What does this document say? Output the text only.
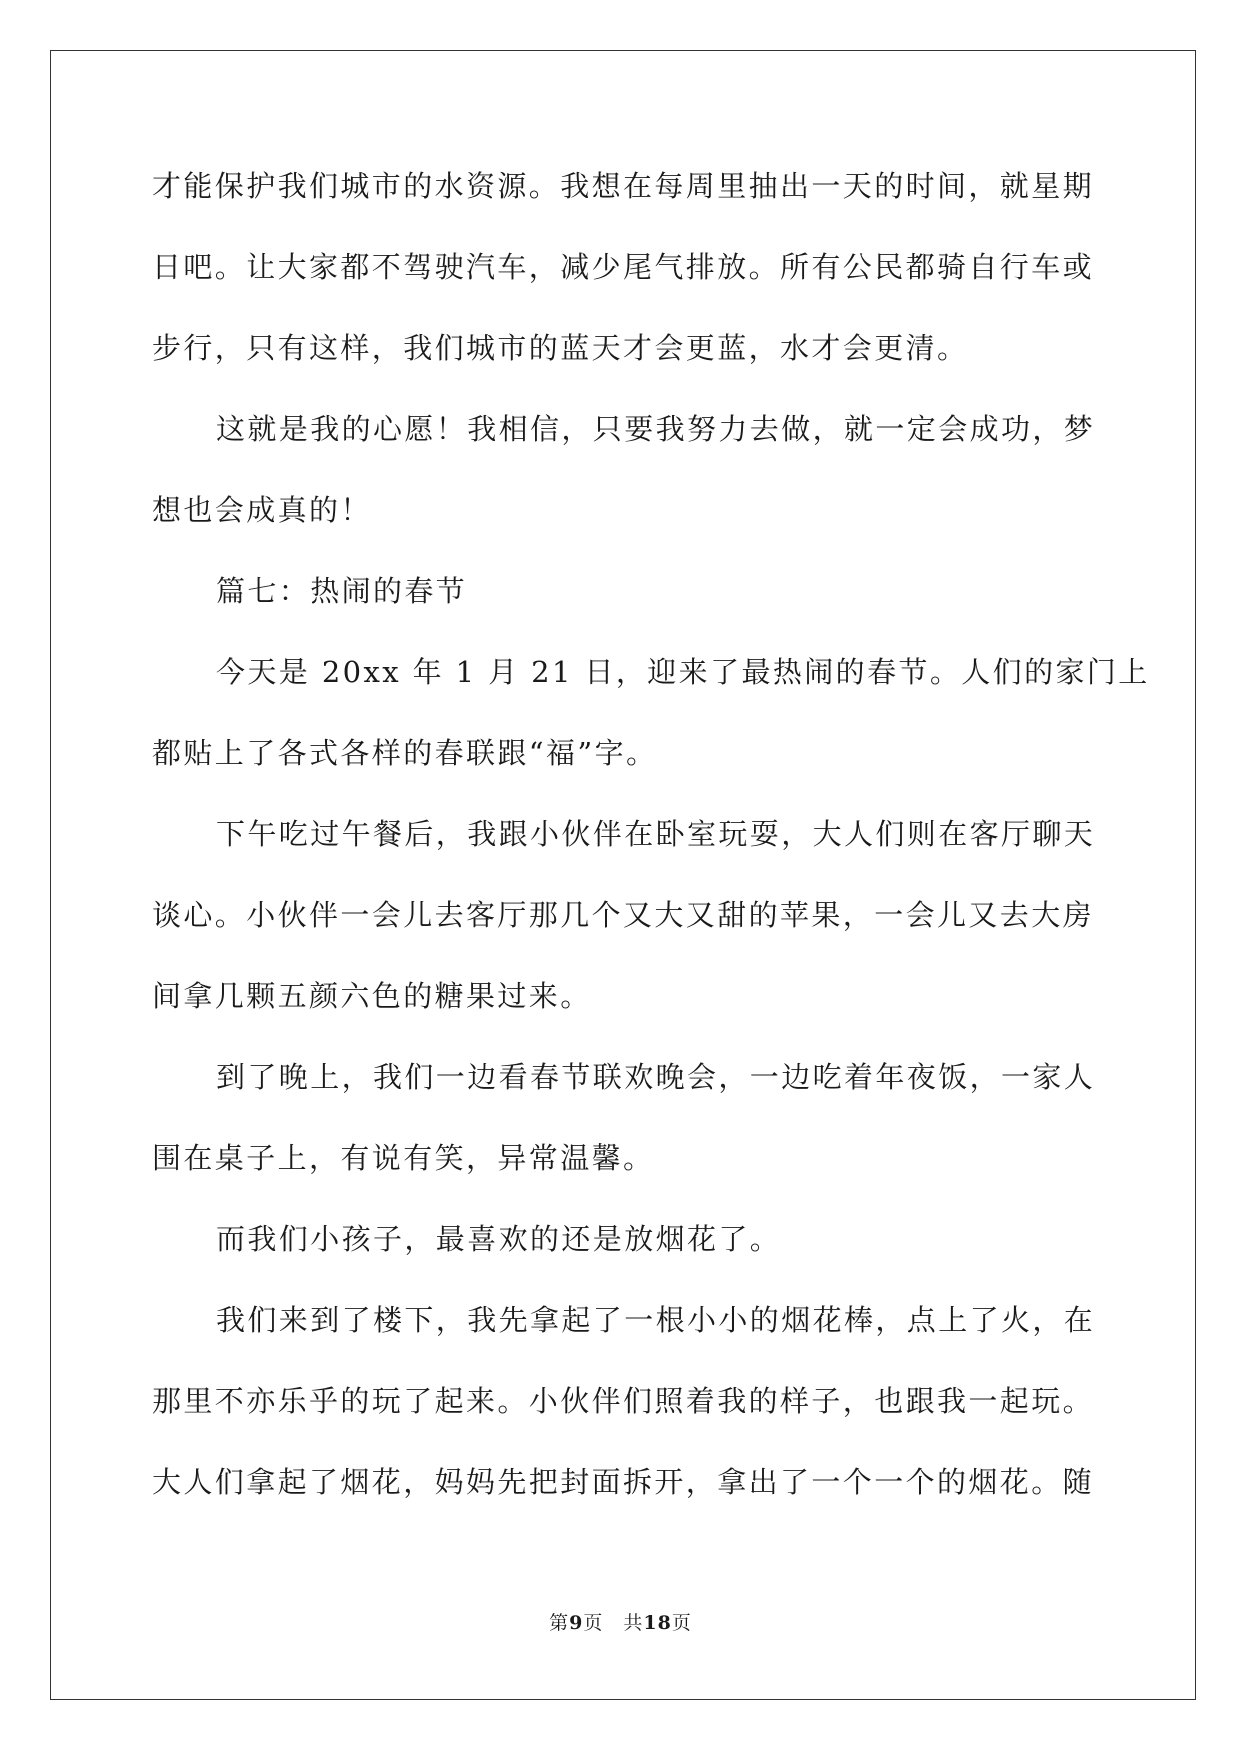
才能保护我们城市的水资源。我想在每周里抽出一天的时间，就星期
日吧。让大家都不驾驶汽车，减少尾气排放。所有公民都骑自行车或
步行，只有这样，我们城市的蓝天才会更蓝，水才会更清。
这就是我的心愿！我相信，只要我努力去做，就一定会成功，梦
想也会成真的！
篇七：热闹的春节
今天是 20xx 年 1 月 21 日，迎来了最热闹的春节。人们的家门上
都贴上了各式各样的春联跟“福”字。
下午吃过午餐后，我跟小伙伴在卧室玩耍，大人们则在客厅聊天
谈心。小伙伴一会儿去客厅那几个又大又甜的苹果，一会儿又去大房
间拿几颗五颜六色的糖果过来。
到了晚上，我们一边看春节联欢晚会，一边吃着年夜饭，一家人
围在桌子上，有说有笑，异常温馨。
而我们小孩子，最喜欢的还是放烟花了。
我们来到了楼下，我先拿起了一根小小的烟花棒，点上了火，在
那里不亦乐乎的玩了起来。小伙伴们照着我的样子，也跟我一起玩。
大人们拿起了烟花，妈妈先把封面拆开，拿出了一个一个的烟花。随
第9页 共18页
